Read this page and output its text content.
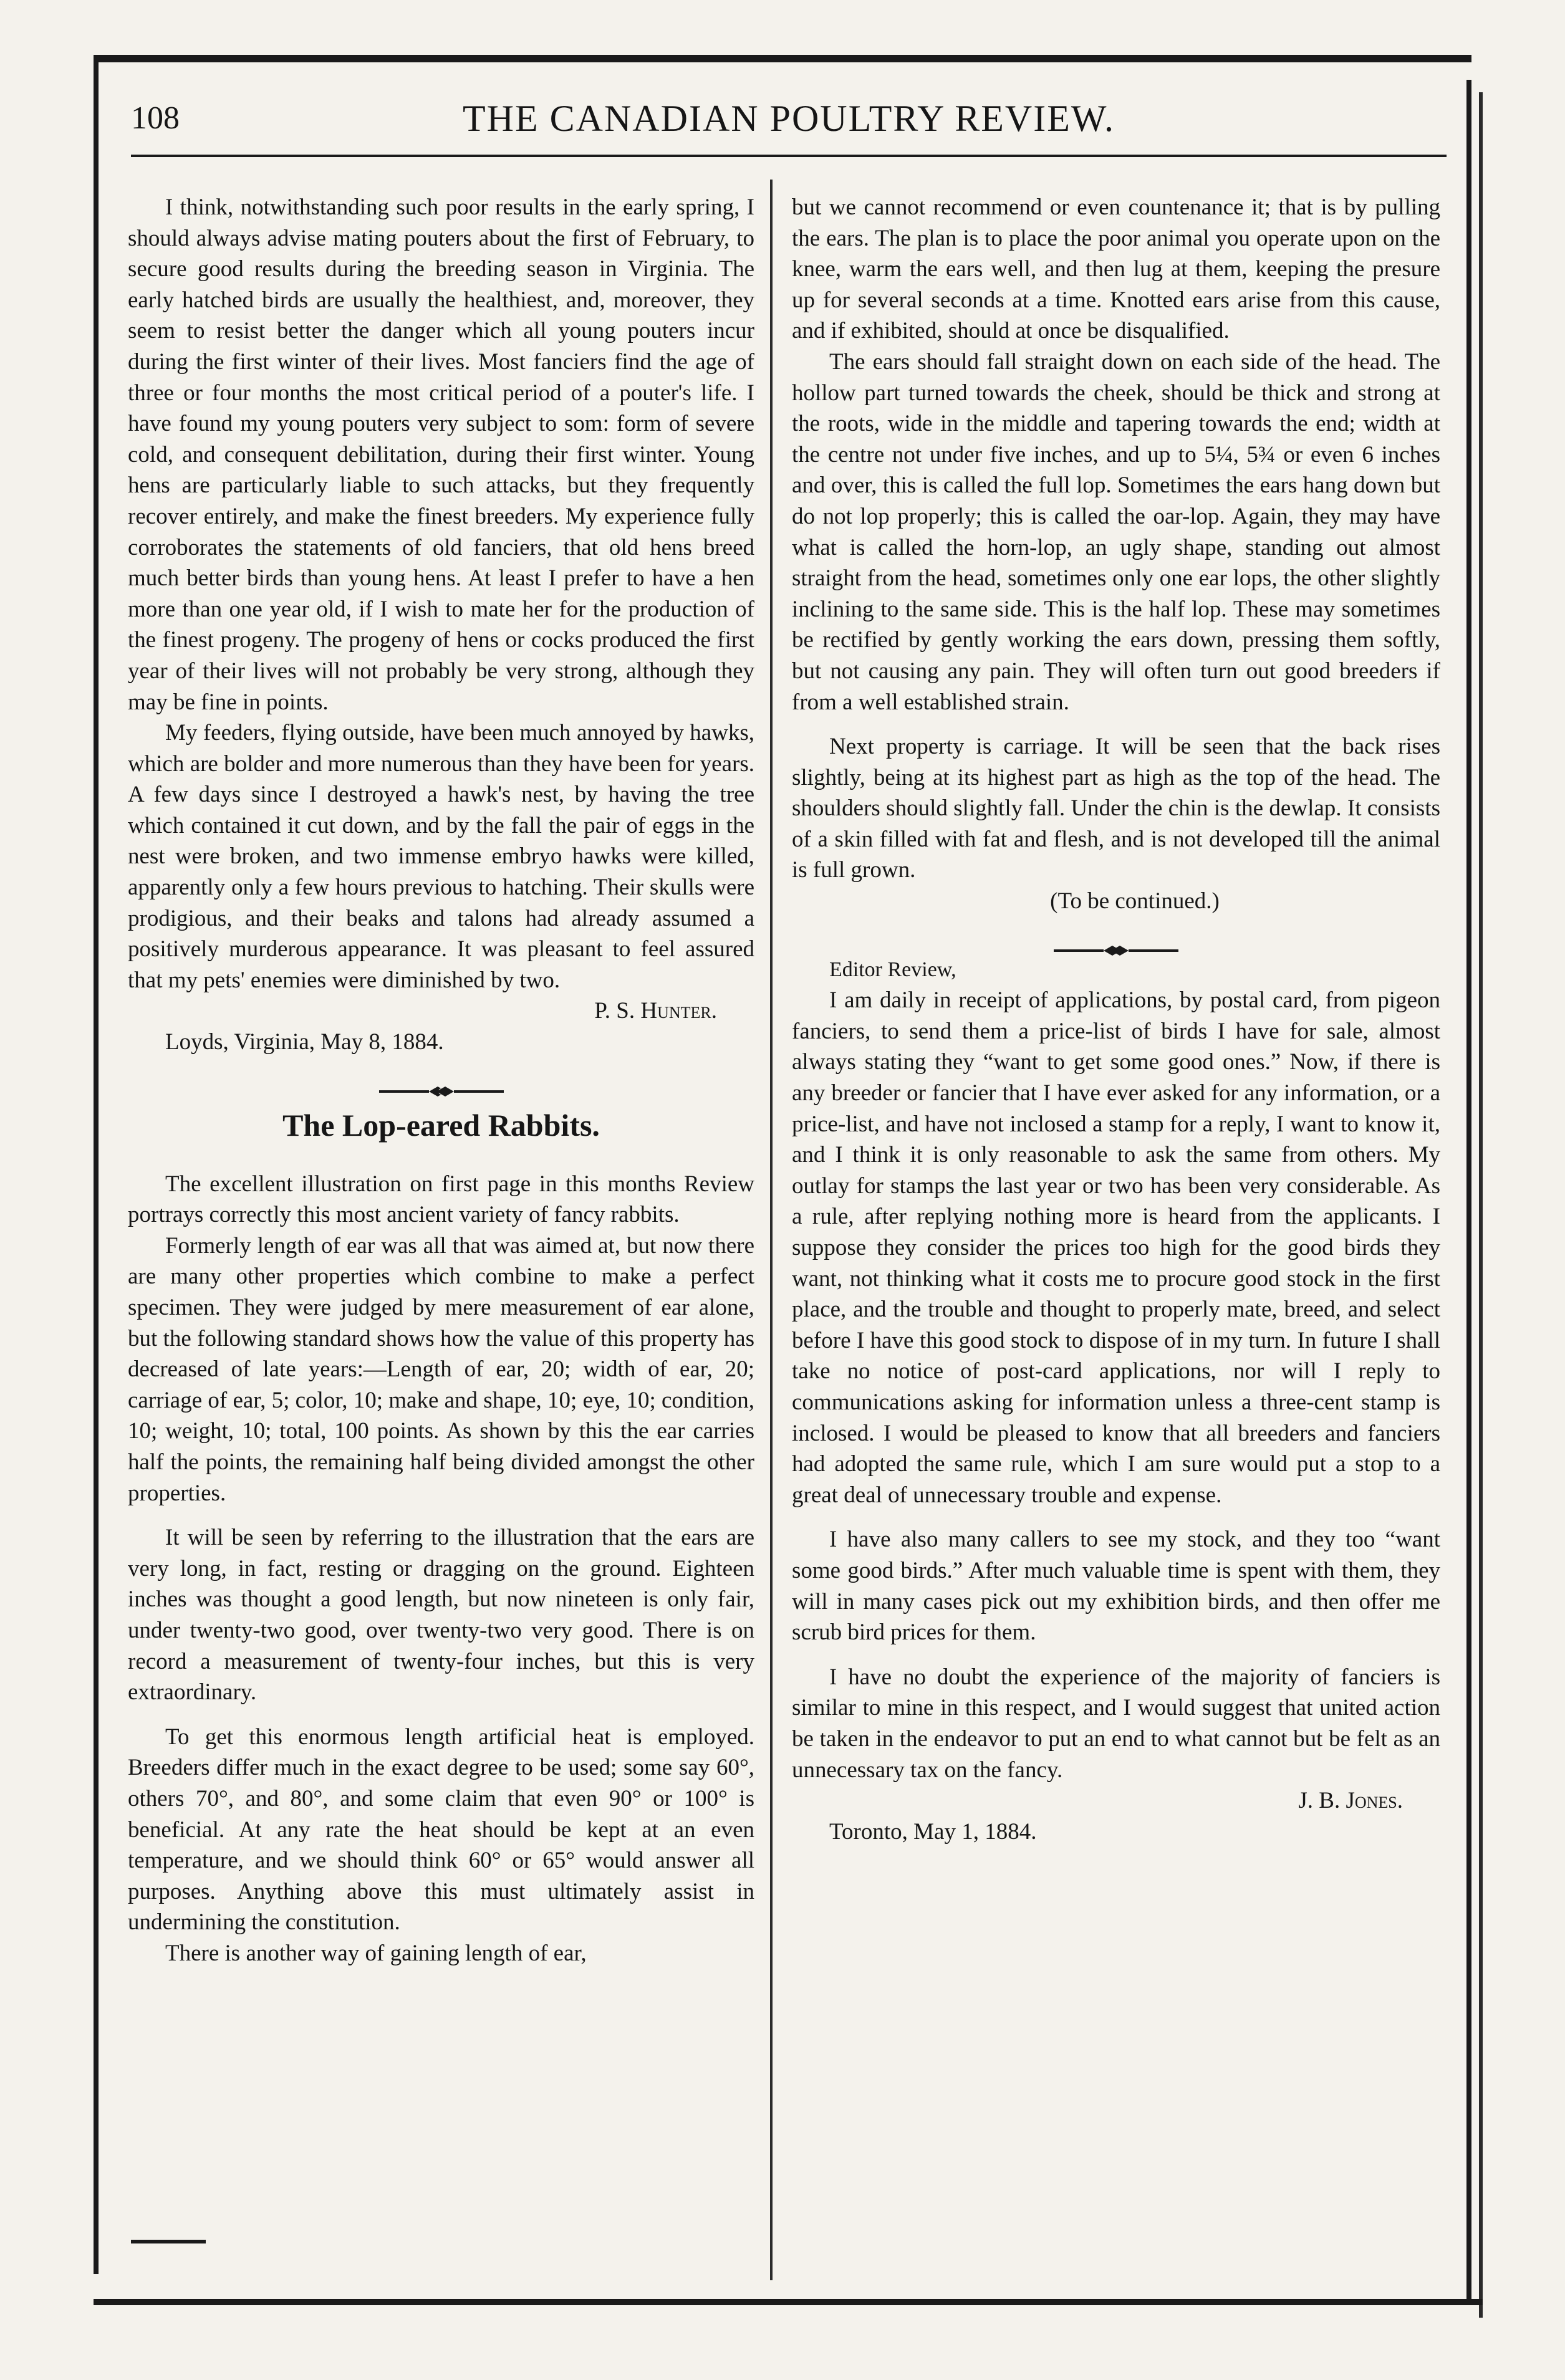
108	THE CANADIAN POULTRY REVIEW.

I think, notwithstanding such poor results in the early spring, I should always advise mating pouters about the first of February, to secure good results during the breeding season in Virginia. The early hatched birds are usually the healthiest, and, moreover, they seem to resist better the danger which all young pouters incur during the first winter of their lives. Most fanciers find the age of three or four months the most critical period of a pouter's life. I have found my young pouters very subject to som: form of severe cold, and consequent debilitation, during their first winter. Young hens are particularly liable to such attacks, but they frequently recover entirely, and make the finest breeders. My experience fully corroborates the statements of old fanciers, that old hens breed much better birds than young hens. At least I prefer to have a hen more than one year old, if I wish to mate her for the production of the finest progeny. The progeny of hens or cocks produced the first year of their lives will not probably be very strong, although they may be fine in points.

My feeders, flying outside, have been much annoyed by hawks, which are bolder and more numerous than they have been for years. A few days since I destroyed a hawk's nest, by having the tree which contained it cut down, and by the fall the pair of eggs in the nest were broken, and two immense embryo hawks were killed, apparently only a few hours previous to hatching. Their skulls were prodigious, and their beaks and talons had already assumed a positively murderous appearance. It was pleasant to feel assured that my pets' enemies were diminished by two.

P. S. Hunter.

Loyds, Virginia, May 8, 1884.

The Lop-eared Rabbits.

The excellent illustration on first page in this months Review portrays correctly this most ancient variety of fancy rabbits.

Formerly length of ear was all that was aimed at, but now there are many other properties which combine to make a perfect specimen. They were judged by mere measurement of ear alone, but the following standard shows how the value of this property has decreased of late years:—Length of ear, 20; width of ear, 20; carriage of ear, 5; color, 10; make and shape, 10; eye, 10; condition, 10; weight, 10; total, 100 points. As shown by this the ear carries half the points, the remaining half being divided amongst the other properties.

It will be seen by referring to the illustration that the ears are very long, in fact, resting or dragging on the ground. Eighteen inches was thought a good length, but now nineteen is only fair, under twenty-two good, over twenty-two very good. There is on record a measurement of twenty-four inches, but this is very extraordinary.

To get this enormous length artificial heat is employed. Breeders differ much in the exact degree to be used; some say 60°, others 70°, and 80°, and some claim that even 90° or 100° is beneficial. At any rate the heat should be kept at an even temperature, and we should think 60° or 65° would answer all purposes. Anything above this must ultimately assist in undermining the constitution.

There is another way of gaining length of ear,

but we cannot recommend or even countenance it; that is by pulling the ears. The plan is to place the poor animal you operate upon on the knee, warm the ears well, and then lug at them, keeping the presure up for several seconds at a time. Knotted ears arise from this cause, and if exhibited, should at once be disqualified.

The ears should fall straight down on each side of the head. The hollow part turned towards the cheek, should be thick and strong at the roots, wide in the middle and tapering towards the end; width at the centre not under five inches, and up to 5¼, 5¾ or even 6 inches and over, this is called the full lop. Sometimes the ears hang down but do not lop properly; this is called the oar-lop. Again, they may have what is called the horn-lop, an ugly shape, standing out almost straight from the head, sometimes only one ear lops, the other slightly inclining to the same side. This is the half lop. These may sometimes be rectified by gently working the ears down, pressing them softly, but not causing any pain. They will often turn out good breeders if from a well established strain.

Next property is carriage. It will be seen that the back rises slightly, being at its highest part as high as the top of the head. The shoulders should slightly fall. Under the chin is the dewlap. It consists of a skin filled with fat and flesh, and is not developed till the animal is full grown.

(To be continued.)

Editor Review,

I am daily in receipt of applications, by postal card, from pigeon fanciers, to send them a price-list of birds I have for sale, almost always stating they “want to get some good ones.” Now, if there is any breeder or fancier that I have ever asked for any information, or a price-list, and have not inclosed a stamp for a reply, I want to know it, and I think it is only reasonable to ask the same from others. My outlay for stamps the last year or two has been very considerable. As a rule, after replying nothing more is heard from the applicants. I suppose they consider the prices too high for the good birds they want, not thinking what it costs me to procure good stock in the first place, and the trouble and thought to properly mate, breed, and select before I have this good stock to dispose of in my turn. In future I shall take no notice of post-card applications, nor will I reply to communications asking for information unless a three-cent stamp is inclosed. I would be pleased to know that all breeders and fanciers had adopted the same rule, which I am sure would put a stop to a great deal of unnecessary trouble and expense.

I have also many callers to see my stock, and they too “want some good birds.” After much valuable time is spent with them, they will in many cases pick out my exhibition birds, and then offer me scrub bird prices for them.

I have no doubt the experience of the majority of fanciers is similar to mine in this respect, and I would suggest that united action be taken in the endeavor to put an end to what cannot but be felt as an unnecessary tax on the fancy.

J. B. Jones.

Toronto, May 1, 1884.
